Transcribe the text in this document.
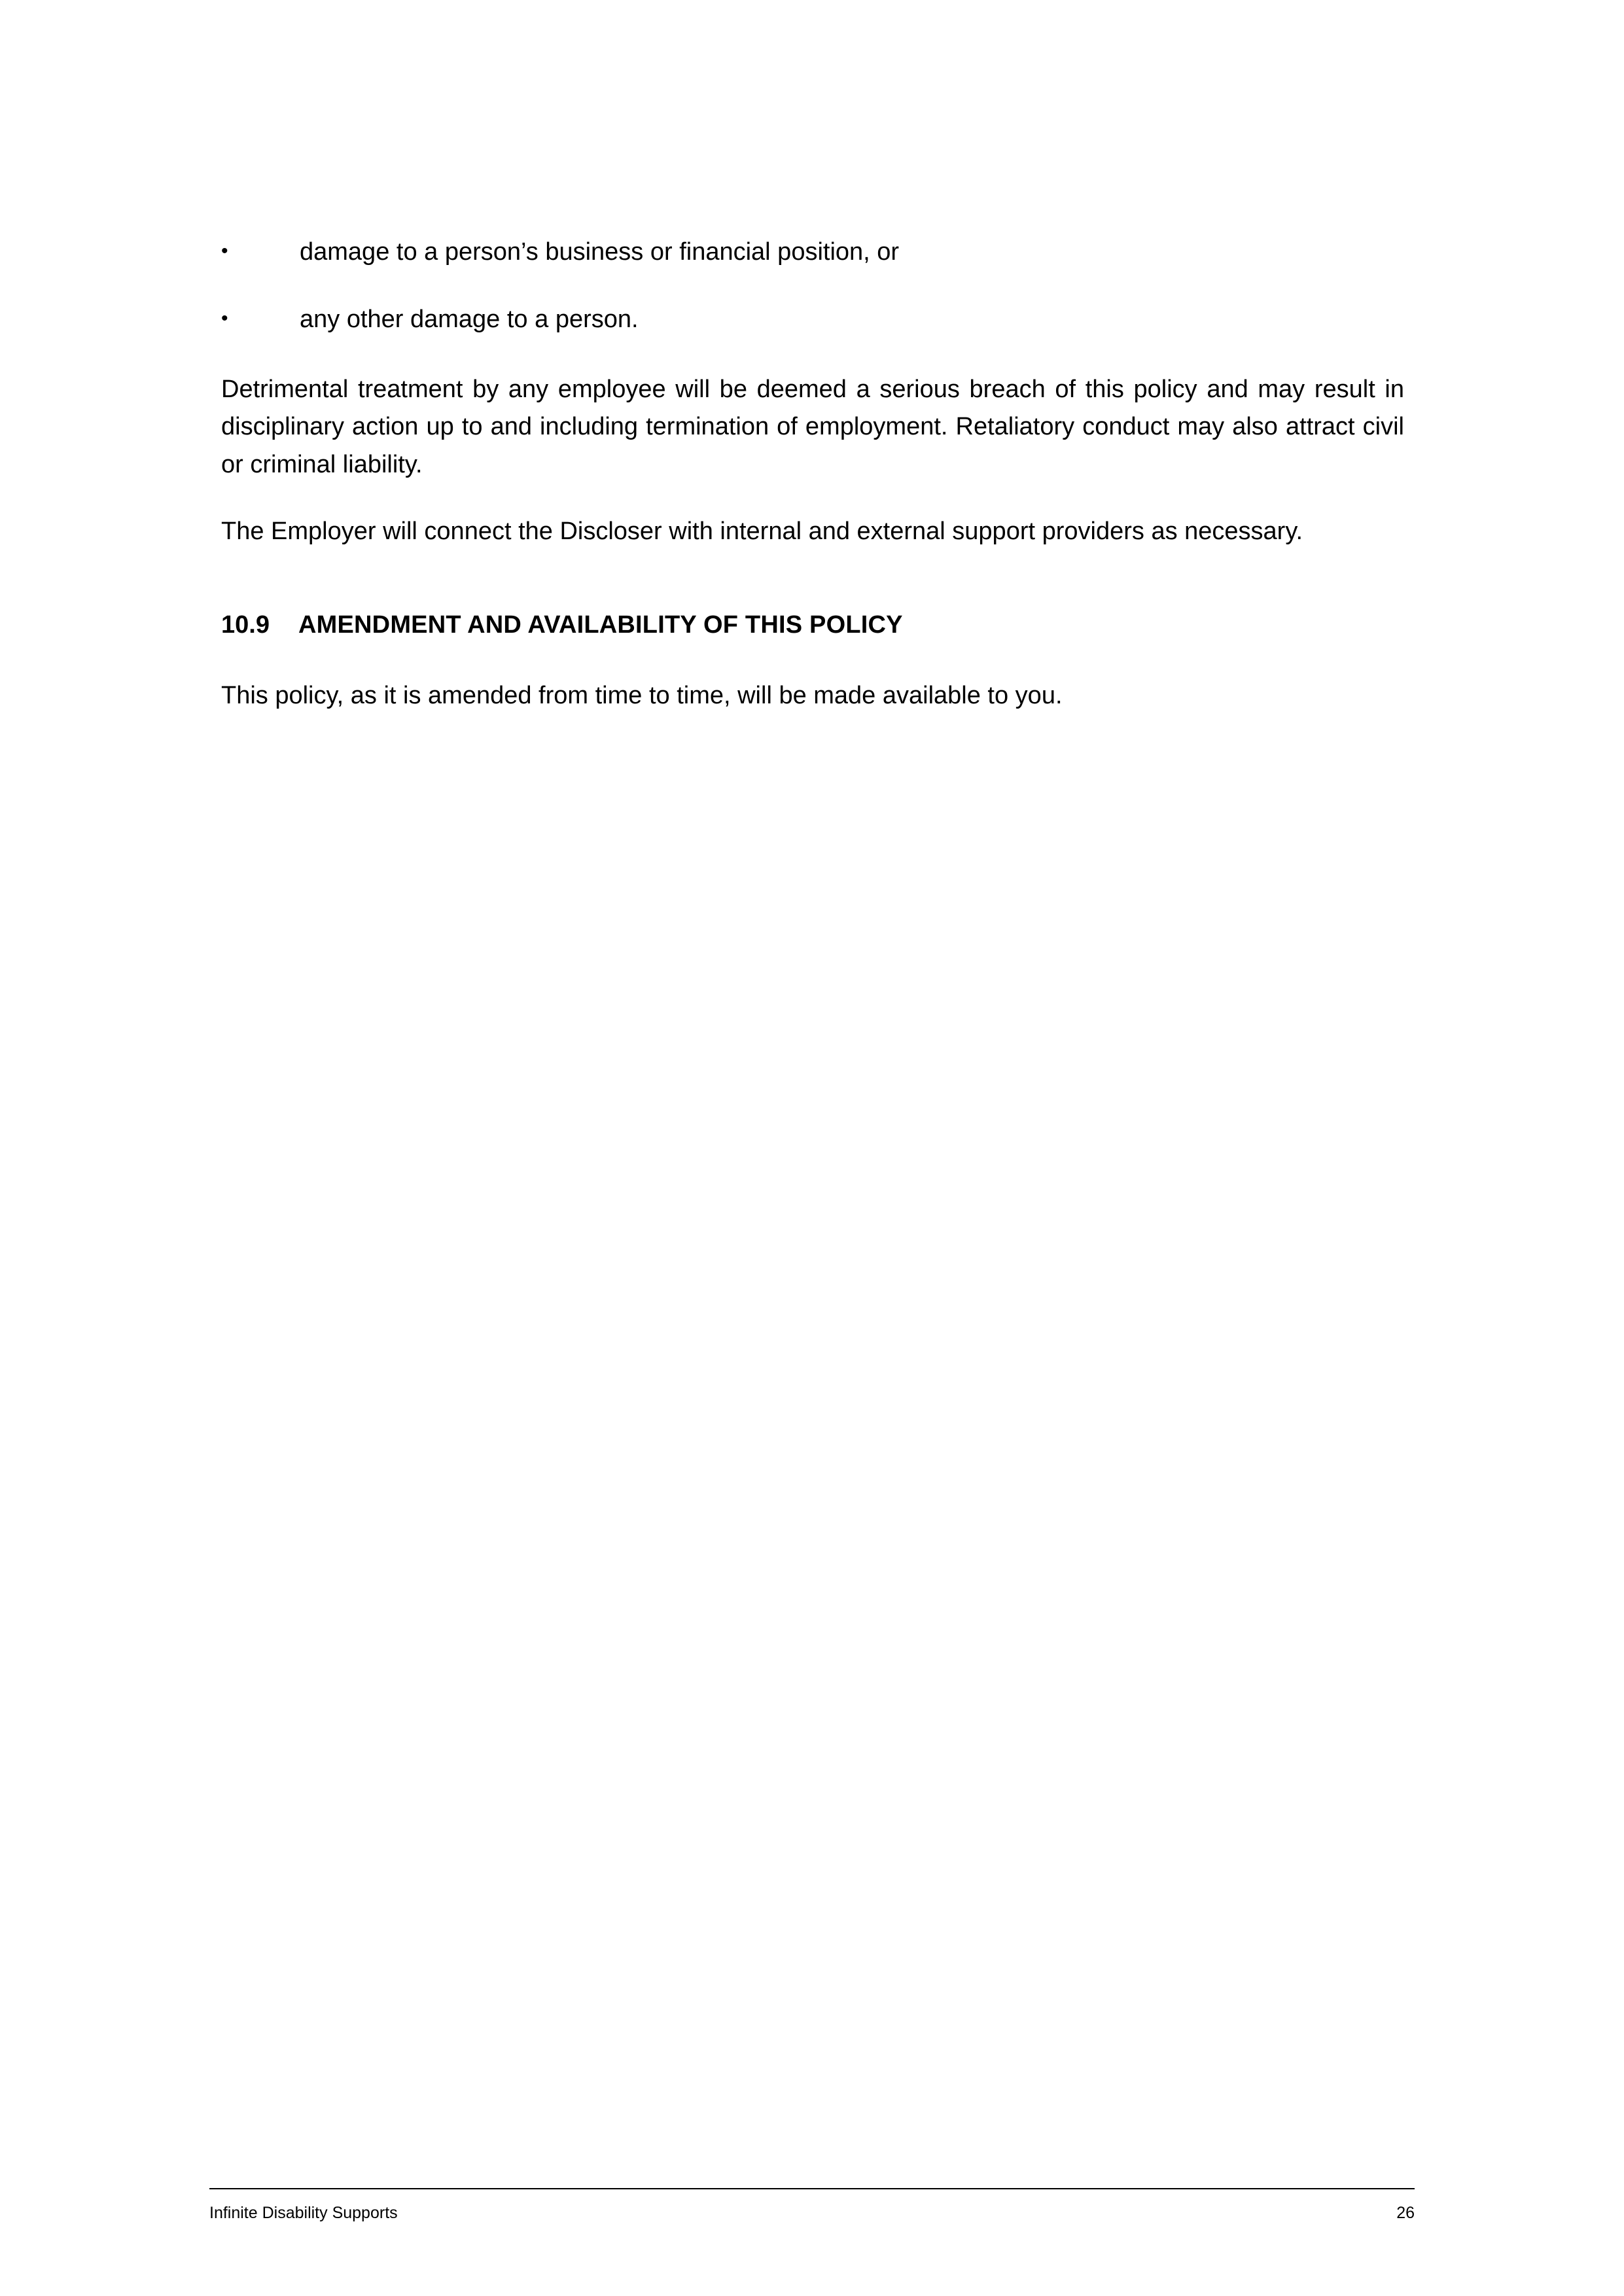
•	damage to a person’s business or financial position, or
•	any other damage to a person.

Detrimental treatment by any employee will be deemed a serious breach of this policy and may result in disciplinary action up to and including termination of employment. Retaliatory conduct may also attract civil or criminal liability.

The Employer will connect the Discloser with internal and external support providers as necessary.

10.9	AMENDMENT AND AVAILABILITY OF THIS POLICY

This policy, as it is amended from time to time, will be made available to you.

Infinite Disability Supports	26
